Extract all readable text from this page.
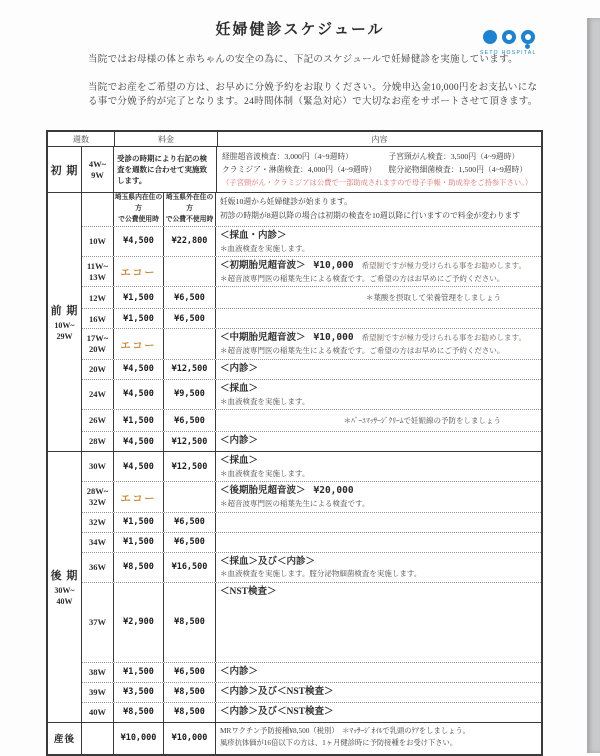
妊婦健診スケジュール
SETO HOSPITAL

当院ではお母様の体と赤ちゃんの安全の為に、下記のスケジュールで妊婦健診を実施しています。

当院でお産をご希望の方は、お早めに分娩予約をお取りください。分娩申込金10,000円をお支払いになる事で分娩予約が完了となります。24時間体制（緊急対応）で大切なお産をサポートさせて頂きます。

週数	料金	内容
初 期
4W~
9W
受診の時期により右記の検査を週数に合わせて実施致します。
経腟超音波検査：3,000円（4~9週時）	子宮頸がん検査：3,500円（4~9週時）
クラミジア・淋菌検査：4,000円（4~9週時）	腟分泌物細菌検査：1,500円（4~9週時）
（子宮頸がん・クラミジアは公費で一部助成されますので母子手帳・助成券をご持参下さい。）
前 期
10W~
29W
埼玉県内在住の方
で公費使用時
埼玉県外在住の方
で公費不使用時
妊娠10週から妊婦健診が始まります。
初診の時期が8週以降の場合は初期の検査を10週以降に行いますので料金が変わります
10W ¥4,500 ¥22,800
＜採血・内診＞
＊血液検査を実施します。
11W~
13W エコー
＜初期胎児超音波＞ ¥10,000 希望制ですが極力受けられる事をお勧めします。
＊超音波専門医の稲葉先生による検査です。ご希望の方はお早めにご予約ください。
12W ¥1,500 ¥6,500	＊葉酸を摂取して栄養管理をしましょう
16W ¥1,500 ¥6,500
17W~
20W エコー
＜中期胎児超音波＞ ¥10,000 希望制ですが極力受けられる事をお勧めします。
＊超音波専門医の稲葉先生による検査です。ご希望の方はお早めにご予約ください。
20W ¥4,500 ¥12,500 ＜内診＞
24W ¥4,500 ¥9,500
＜採血＞
＊血液検査を実施します。
26W ¥1,500 ¥6,500	＊ﾊﾞｰﾕﾏｯｻｰｼﾞｸﾘｰﾑで妊娠線の予防をしましょう
28W ¥4,500 ¥12,500 ＜内診＞
後 期
30W~
40W
30W ¥4,500 ¥12,500
＜採血＞
＊血液検査を実施します。
28W~
32W エコー
＜後期胎児超音波＞ ¥20,000
＊超音波専門医の稲葉先生による検査です。
32W ¥1,500 ¥6,500
34W ¥1,500 ¥6,500
36W ¥8,500 ¥16,500
＜採血＞及び＜内診＞
＊血液検査を実施します。腟分泌物細菌検査を実施します。
37W ¥2,900 ¥8,500
＜NST検査＞
38W ¥1,500 ¥6,500 ＜内診＞
39W ¥3,500 ¥8,500 ＜内診＞及び＜NST検査＞
40W ¥8,500 ¥8,500 ＜内診＞及び＜NST検査＞
産後	¥10,000 ¥10,000
MRワクチン予防接種¥8,500（税別）　＊ﾏｯｻｰｼﾞｵｲﾙで乳頭のｹｱをしましょう。
風疹抗体価が16倍以下の方は、1ヶ月健診時に予防接種をお受け下さい。
